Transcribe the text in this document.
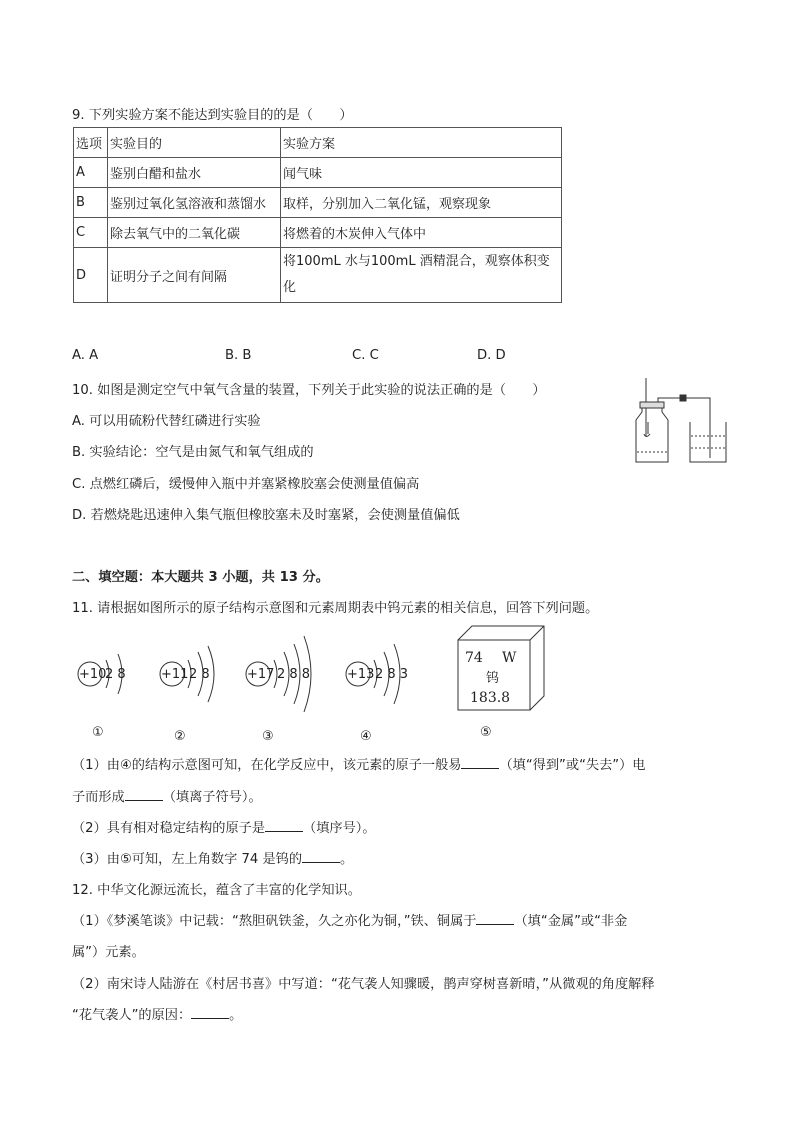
9. 下列实验方案不能达到实验目的的是（　　）
选项	实验目的	实验方案
A	鉴别白醋和盐水	闻气味
B	鉴别过氧化氢溶液和蒸馏水	取样，分别加入二氧化锰，观察现象
C	除去氧气中的二氧化碳	将燃着的木炭伸入气体中
D	证明分子之间有间隔	将100mL 水与100mL 酒精混合，观察体积变
化
A. A	B. B	C. C	D. D
10. 如图是测定空气中氧气含量的装置，下列关于此实验的说法正确的是（　　）
A. 可以用硫粉代替红磷进行实验
B. 实验结论：空气是由氮气和氧气组成的
C. 点燃红磷后，缓慢伸入瓶中并塞紧橡胶塞会使测量值偏高
D. 若燃烧匙迅速伸入集气瓶但橡胶塞未及时塞紧，会使测量值偏低
二、填空题：本大题共 3 小题，共 13 分。
11. 请根据如图所示的原子结构示意图和元素周期表中钨元素的相关信息，回答下列问题。
+10
2 8
①
+11 2 8
②
+17 2 8 8
③
+13 2 8 3
④
74 W
钨
183.8
⑤
（1）由④的结构示意图可知，在化学反应中，该元素的原子一般易	（填“得到”或“失去”）电
子而形成	（填离子符号）。
（2）具有相对稳定结构的原子是	（填序号）。
（3）由⑤可知，左上角数字 74 是钨的	。
12. 中华文化源远流长，蕴含了丰富的化学知识。
（1）《梦溪笔谈》中记载：“熬胆矾铁釜，久之亦化为铜，”铁、铜属于	（填“金属”或“非金
属”）元素。
（2）南宋诗人陆游在《村居书喜》中写道：“花气袭人知骤暖，鹊声穿树喜新晴，”从微观的角度解释
“花气袭人”的原因：	。
